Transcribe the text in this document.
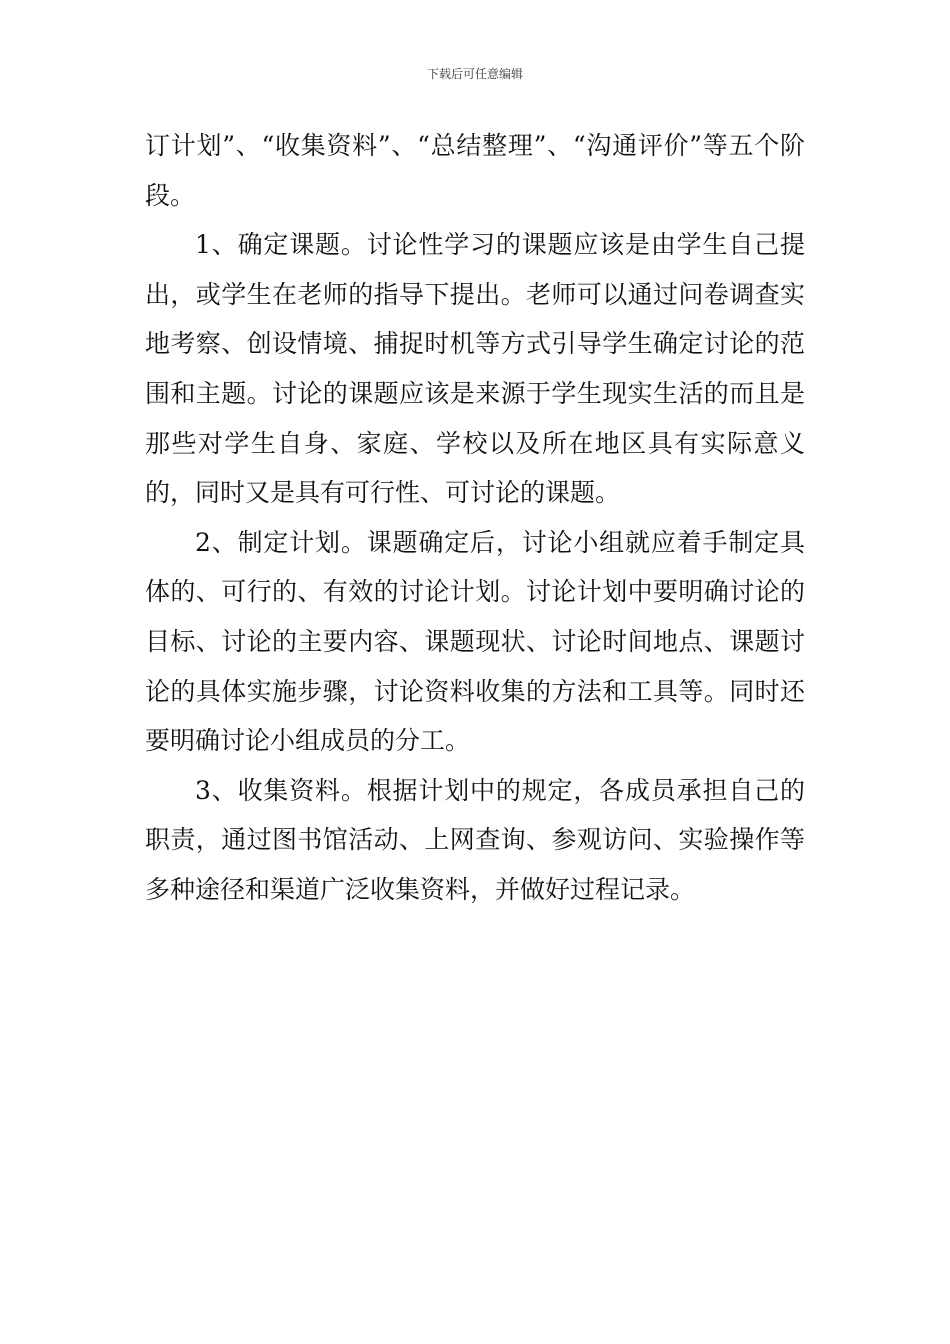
下载后可任意编辑

订计划”、“收集资料”、“总结整理”、“沟通评价”等五个阶段。

1、确定课题。讨论性学习的课题应该是由学生自己提出，或学生在老师的指导下提出。老师可以通过问卷调查实地考察、创设情境、捕捉时机等方式引导学生确定讨论的范围和主题。讨论的课题应该是来源于学生现实生活的而且是那些对学生自身、家庭、学校以及所在地区具有实际意义的，同时又是具有可行性、可讨论的课题。

2、制定计划。课题确定后，讨论小组就应着手制定具体的、可行的、有效的讨论计划。讨论计划中要明确讨论的目标、讨论的主要内容、课题现状、讨论时间地点、课题讨论的具体实施步骤，讨论资料收集的方法和工具等。同时还要明确讨论小组成员的分工。

3、收集资料。根据计划中的规定，各成员承担自己的职责，通过图书馆活动、上网查询、参观访问、实验操作等多种途径和渠道广泛收集资料，并做好过程记录。
